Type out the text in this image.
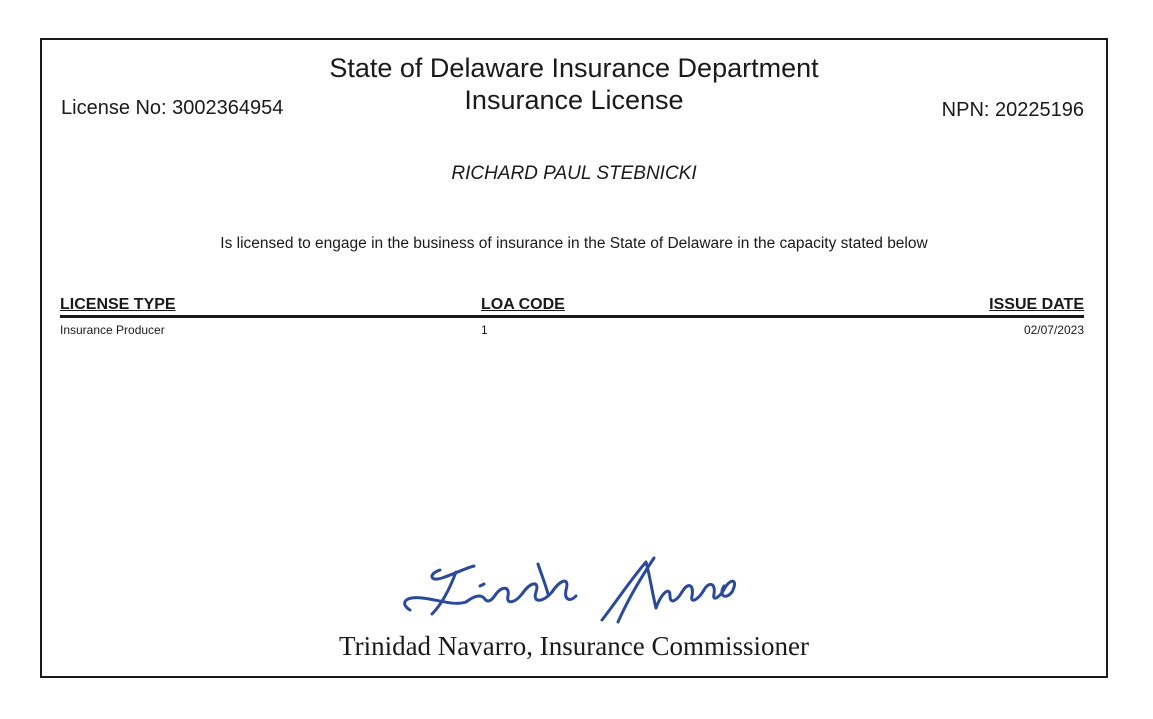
State of Delaware Insurance Department
Insurance License
License No: 3002364954	NPN: 20225196
RICHARD PAUL STEBNICKI
Is licensed to engage in the business of insurance in the State of Delaware in the capacity stated below
LICENSE TYPE	LOA CODE	ISSUE DATE
Insurance Producer	1	02/07/2023
Trinidad Navarro, Insurance Commissioner
